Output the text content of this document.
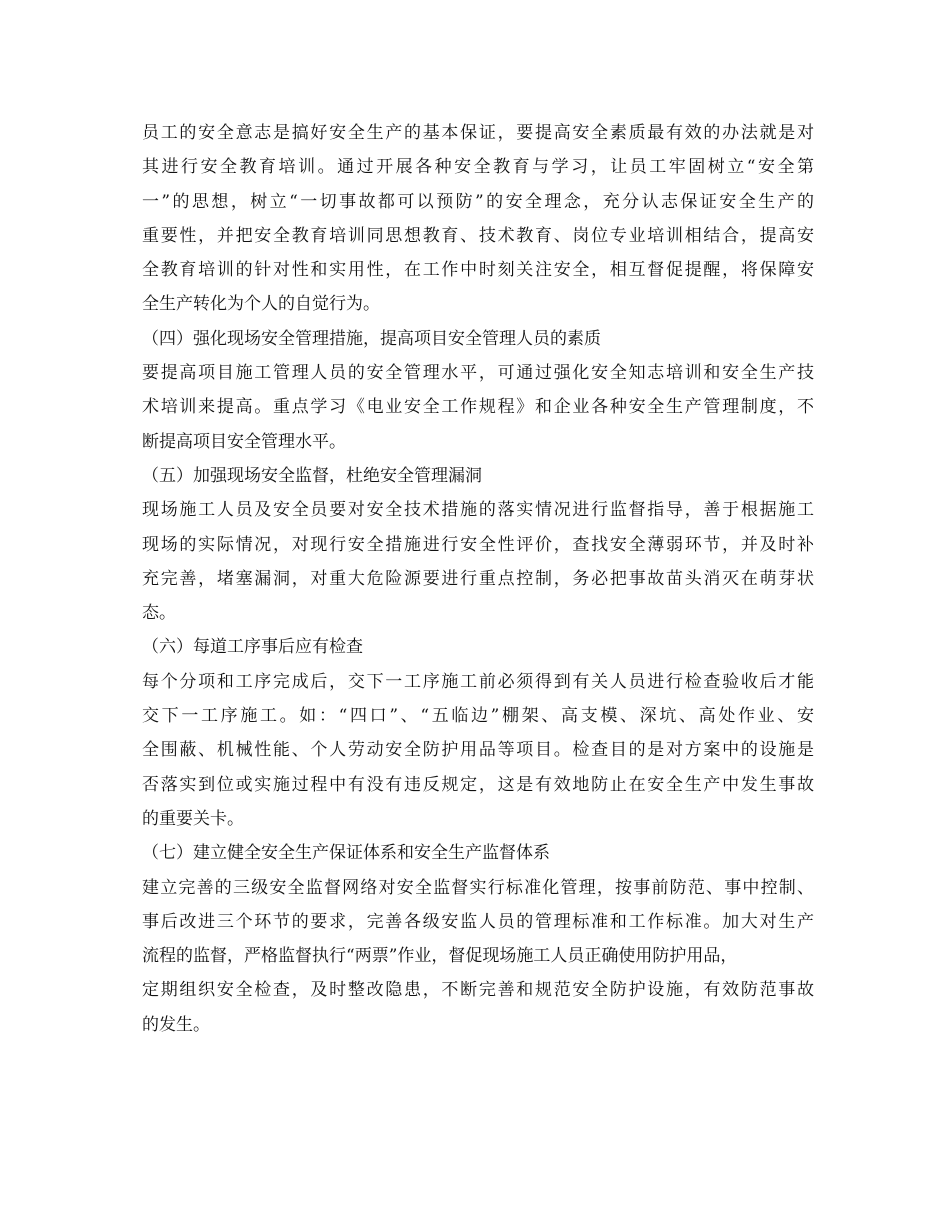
员工的安全意志是搞好安全生产的基本保证，要提高安全素质最有效的办法就是对
其进行安全教育培训。通过开展各种安全教育与学习，让员工牢固树立“安全第
一”的思想，树立“一切事故都可以预防”的安全理念，充分认志保证安全生产的
重要性，并把安全教育培训同思想教育、技术教育、岗位专业培训相结合，提高安
全教育培训的针对性和实用性，在工作中时刻关注安全，相互督促提醒，将保障安
全生产转化为个人的自觉行为。
（四）强化现场安全管理措施，提高项目安全管理人员的素质
要提高项目施工管理人员的安全管理水平，可通过强化安全知志培训和安全生产技
术培训来提高。重点学习《电业安全工作规程》和企业各种安全生产管理制度，不
断提高项目安全管理水平。
（五）加强现场安全监督，杜绝安全管理漏洞
现场施工人员及安全员要对安全技术措施的落实情况进行监督指导，善于根据施工
现场的实际情况，对现行安全措施进行安全性评价，查找安全薄弱环节，并及时补
充完善，堵塞漏洞，对重大危险源要进行重点控制，务必把事故苗头消灭在萌芽状
态。
（六）每道工序事后应有检查
每个分项和工序完成后，交下一工序施工前必须得到有关人员进行检查验收后才能
交下一工序施工。如：“四口”、“五临边”棚架、高支模、深坑、高处作业、安
全围蔽、机械性能、个人劳动安全防护用品等项目。检查目的是对方案中的设施是
否落实到位或实施过程中有没有违反规定，这是有效地防止在安全生产中发生事故
的重要关卡。
（七）建立健全安全生产保证体系和安全生产监督体系
建立完善的三级安全监督网络对安全监督实行标准化管理，按事前防范、事中控制、
事后改进三个环节的要求，完善各级安监人员的管理标准和工作标准。加大对生产
流程的监督，严格监督执行“两票”作业，督促现场施工人员正确使用防护用品，
定期组织安全检查，及时整改隐患，不断完善和规范安全防护设施，有效防范事故
的发生。
